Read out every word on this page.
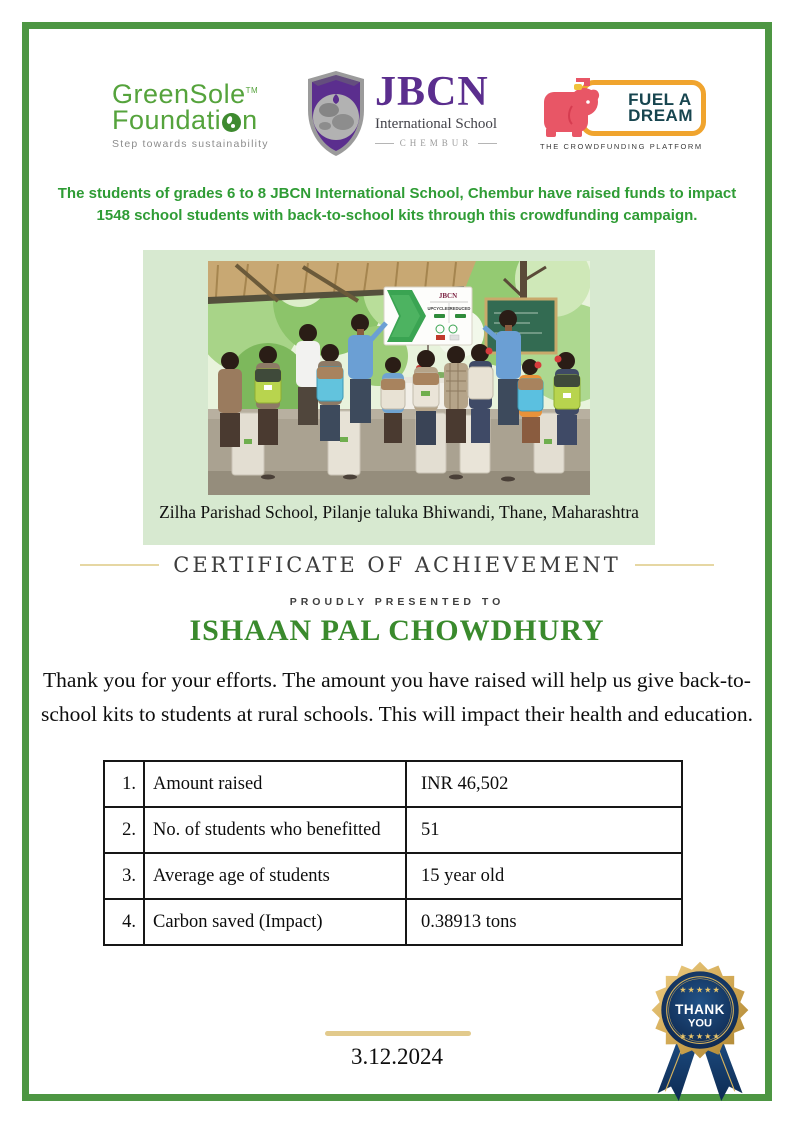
GreenSole™
Foundati n
Step towards sustainability
JBCN
International School
CHEMBUR
FUEL A
DREAM
THE CROWDFUNDING PLATFORM
The students of grades 6 to 8 JBCN International School, Chembur have raised funds to impact
1548 school students with back-to-school kits through this crowdfunding campaign.
JBCN
UPCYCLED REDUCED
Zilha Parishad School, Pilanje taluka Bhiwandi, Thane, Maharashtra
CERTIFICATE OF ACHIEVEMENT
PROUDLY PRESENTED TO
ISHAAN PAL CHOWDHURY
Thank you for your efforts. The amount you have raised will help us give back-to-
school kits to students at rural schools. This will impact their health and education.
1.	Amount raised	INR 46,502
2.	No. of students who benefitted	51
3.	Average age of students	15 year old
4.	Carbon saved (Impact)	0.38913 tons
3.12.2024
★★★★★
THANK
YOU
★★★★★
